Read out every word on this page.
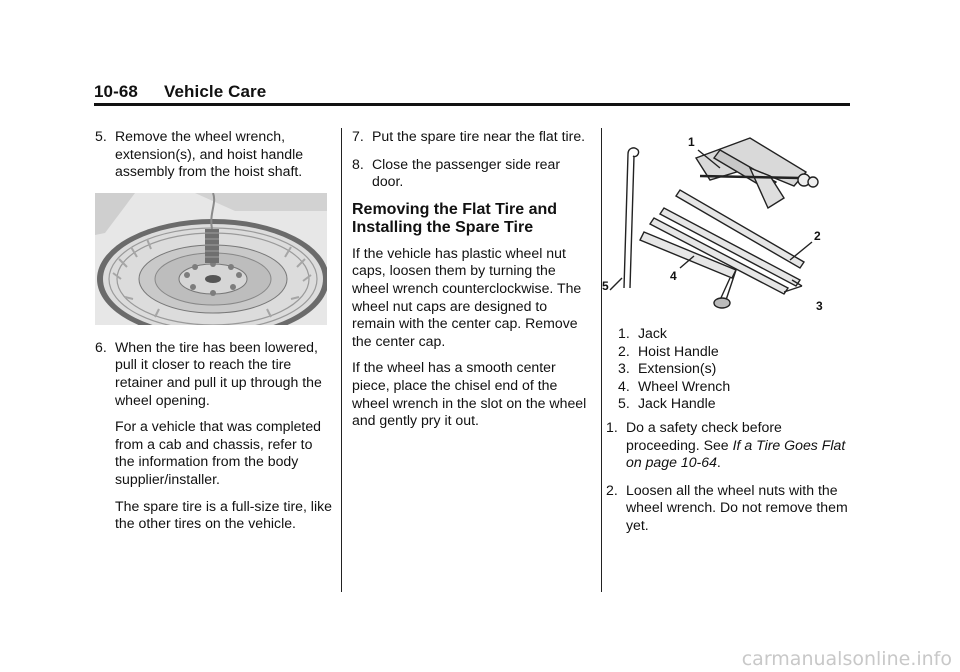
10-68 Vehicle Care
5. Remove the wheel wrench, extension(s), and hoist handle assembly from the hoist shaft.

6. When the tire has been lowered, pull it closer to reach the tire retainer and pull it up through the wheel opening.

For a vehicle that was completed from a cab and chassis, refer to the information from the body supplier/installer.

The spare tire is a full-size tire, like the other tires on the vehicle.

7. Put the spare tire near the flat tire.

8. Close the passenger side rear door.

Removing the Flat Tire and Installing the Spare Tire

If the vehicle has plastic wheel nut caps, loosen them by turning the wheel wrench counterclockwise. The wheel nut caps are designed to remain with the center cap. Remove the center cap.

If the wheel has a smooth center piece, place the chisel end of the wheel wrench in the slot on the wheel and gently pry it out.

1
2
3
4
5
1. Jack
2. Hoist Handle
3. Extension(s)
4. Wheel Wrench
5. Jack Handle
1. Do a safety check before proceeding. See If a Tire Goes Flat on page 10-64.

2. Loosen all the wheel nuts with the wheel wrench. Do not remove them yet.

carmanualsonline.info
